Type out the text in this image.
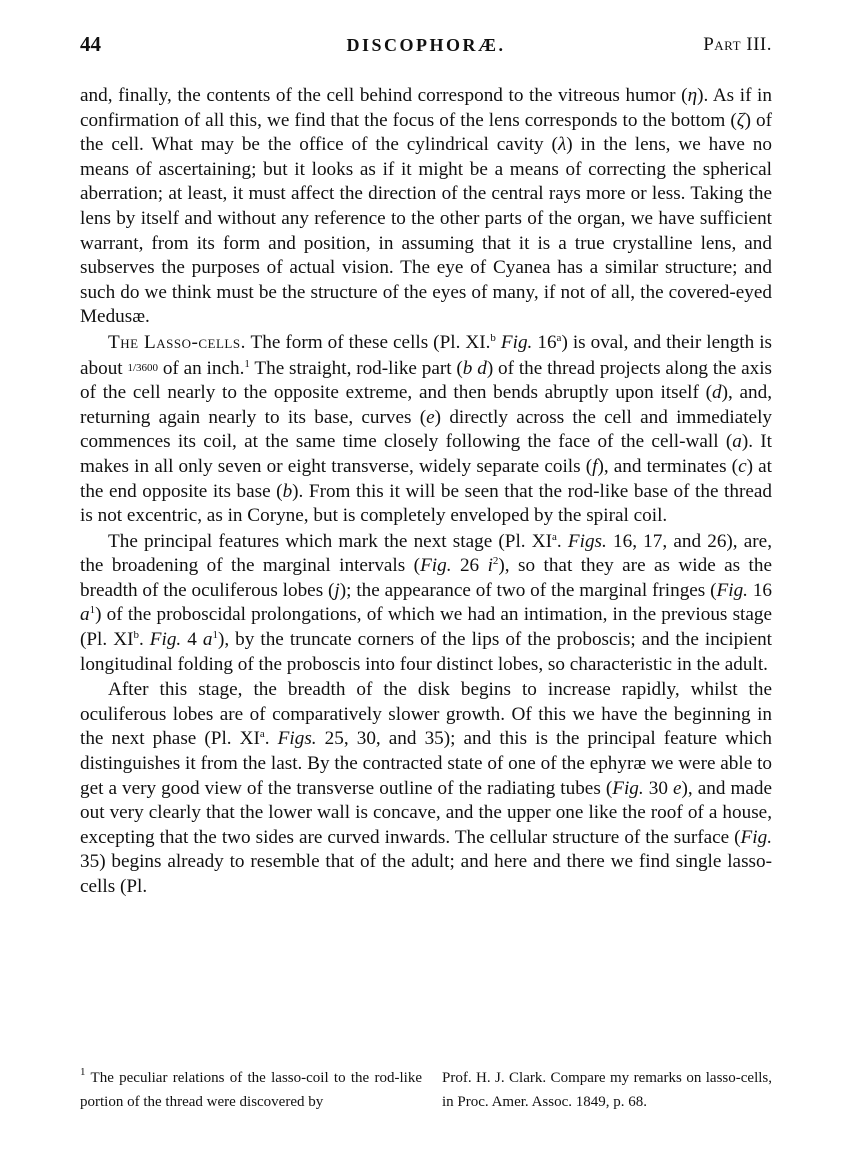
44	DISCOPHORÆ.	Part III.

and, finally, the contents of the cell behind correspond to the vitreous humor (η). As if in confirmation of all this, we find that the focus of the lens corresponds to the bottom (ζ) of the cell. What may be the office of the cylindrical cavity (λ) in the lens, we have no means of ascertaining; but it looks as if it might be a means of correcting the spherical aberration; at least, it must affect the direction of the central rays more or less. Taking the lens by itself and without any reference to the other parts of the organ, we have sufficient warrant, from its form and position, in assuming that it is a true crystalline lens, and subserves the purposes of actual vision. The eye of Cyanea has a similar structure; and such do we think must be the structure of the eyes of many, if not of all, the covered-eyed Medusæ.

The Lasso-cells. The form of these cells (Pl. XI.$^b$ Fig. 16$^a$) is oval, and their length is about 1/3600 of an inch.$^1$ The straight, rod-like part (b d) of the thread projects along the axis of the cell nearly to the opposite extreme, and then bends abruptly upon itself (d), and, returning again nearly to its base, curves (e) directly across the cell and immediately commences its coil, at the same time closely following the face of the cell-wall (a). It makes in all only seven or eight transverse, widely separate coils (f), and terminates (c) at the end opposite its base (b). From this it will be seen that the rod-like base of the thread is not excentric, as in Coryne, but is completely enveloped by the spiral coil.

The principal features which mark the next stage (Pl. $XI^a$. Figs. 16, 17, and 26), are, the broadening of the marginal intervals (Fig. 26 $i^2$), so that they are as wide as the breadth of the oculiferous lobes (j); the appearance of two of the marginal fringes (Fig. 16 $a^1$) of the proboscidal prolongations, of which we had an intimation, in the previous stage (Pl. $XI^b$. Fig. 4 $a^1$), by the truncate corners of the lips of the proboscis; and the incipient longitudinal folding of the proboscis into four distinct lobes, so characteristic in the adult.

After this stage, the breadth of the disk begins to increase rapidly, whilst the oculiferous lobes are of comparatively slower growth. Of this we have the beginning in the next phase (Pl. $XI^a$. Figs. 25, 30, and 35); and this is the principal feature which distinguishes it from the last. By the contracted state of one of the ephyræ we were able to get a very good view of the transverse outline of the radiating tubes (Fig. 30 e), and made out very clearly that the lower wall is concave, and the upper one like the roof of a house, excepting that the two sides are curved inwards. The cellular structure of the surface (Fig. 35) begins already to resemble that of the adult; and here and there we find single lasso-cells (Pl.

$^1$ The peculiar relations of the lasso-coil to the rod-like portion of the thread were discovered by
Prof. H. J. Clark. Compare my remarks on lasso-cells, in Proc. Amer. Assoc. 1849, p. 68.
